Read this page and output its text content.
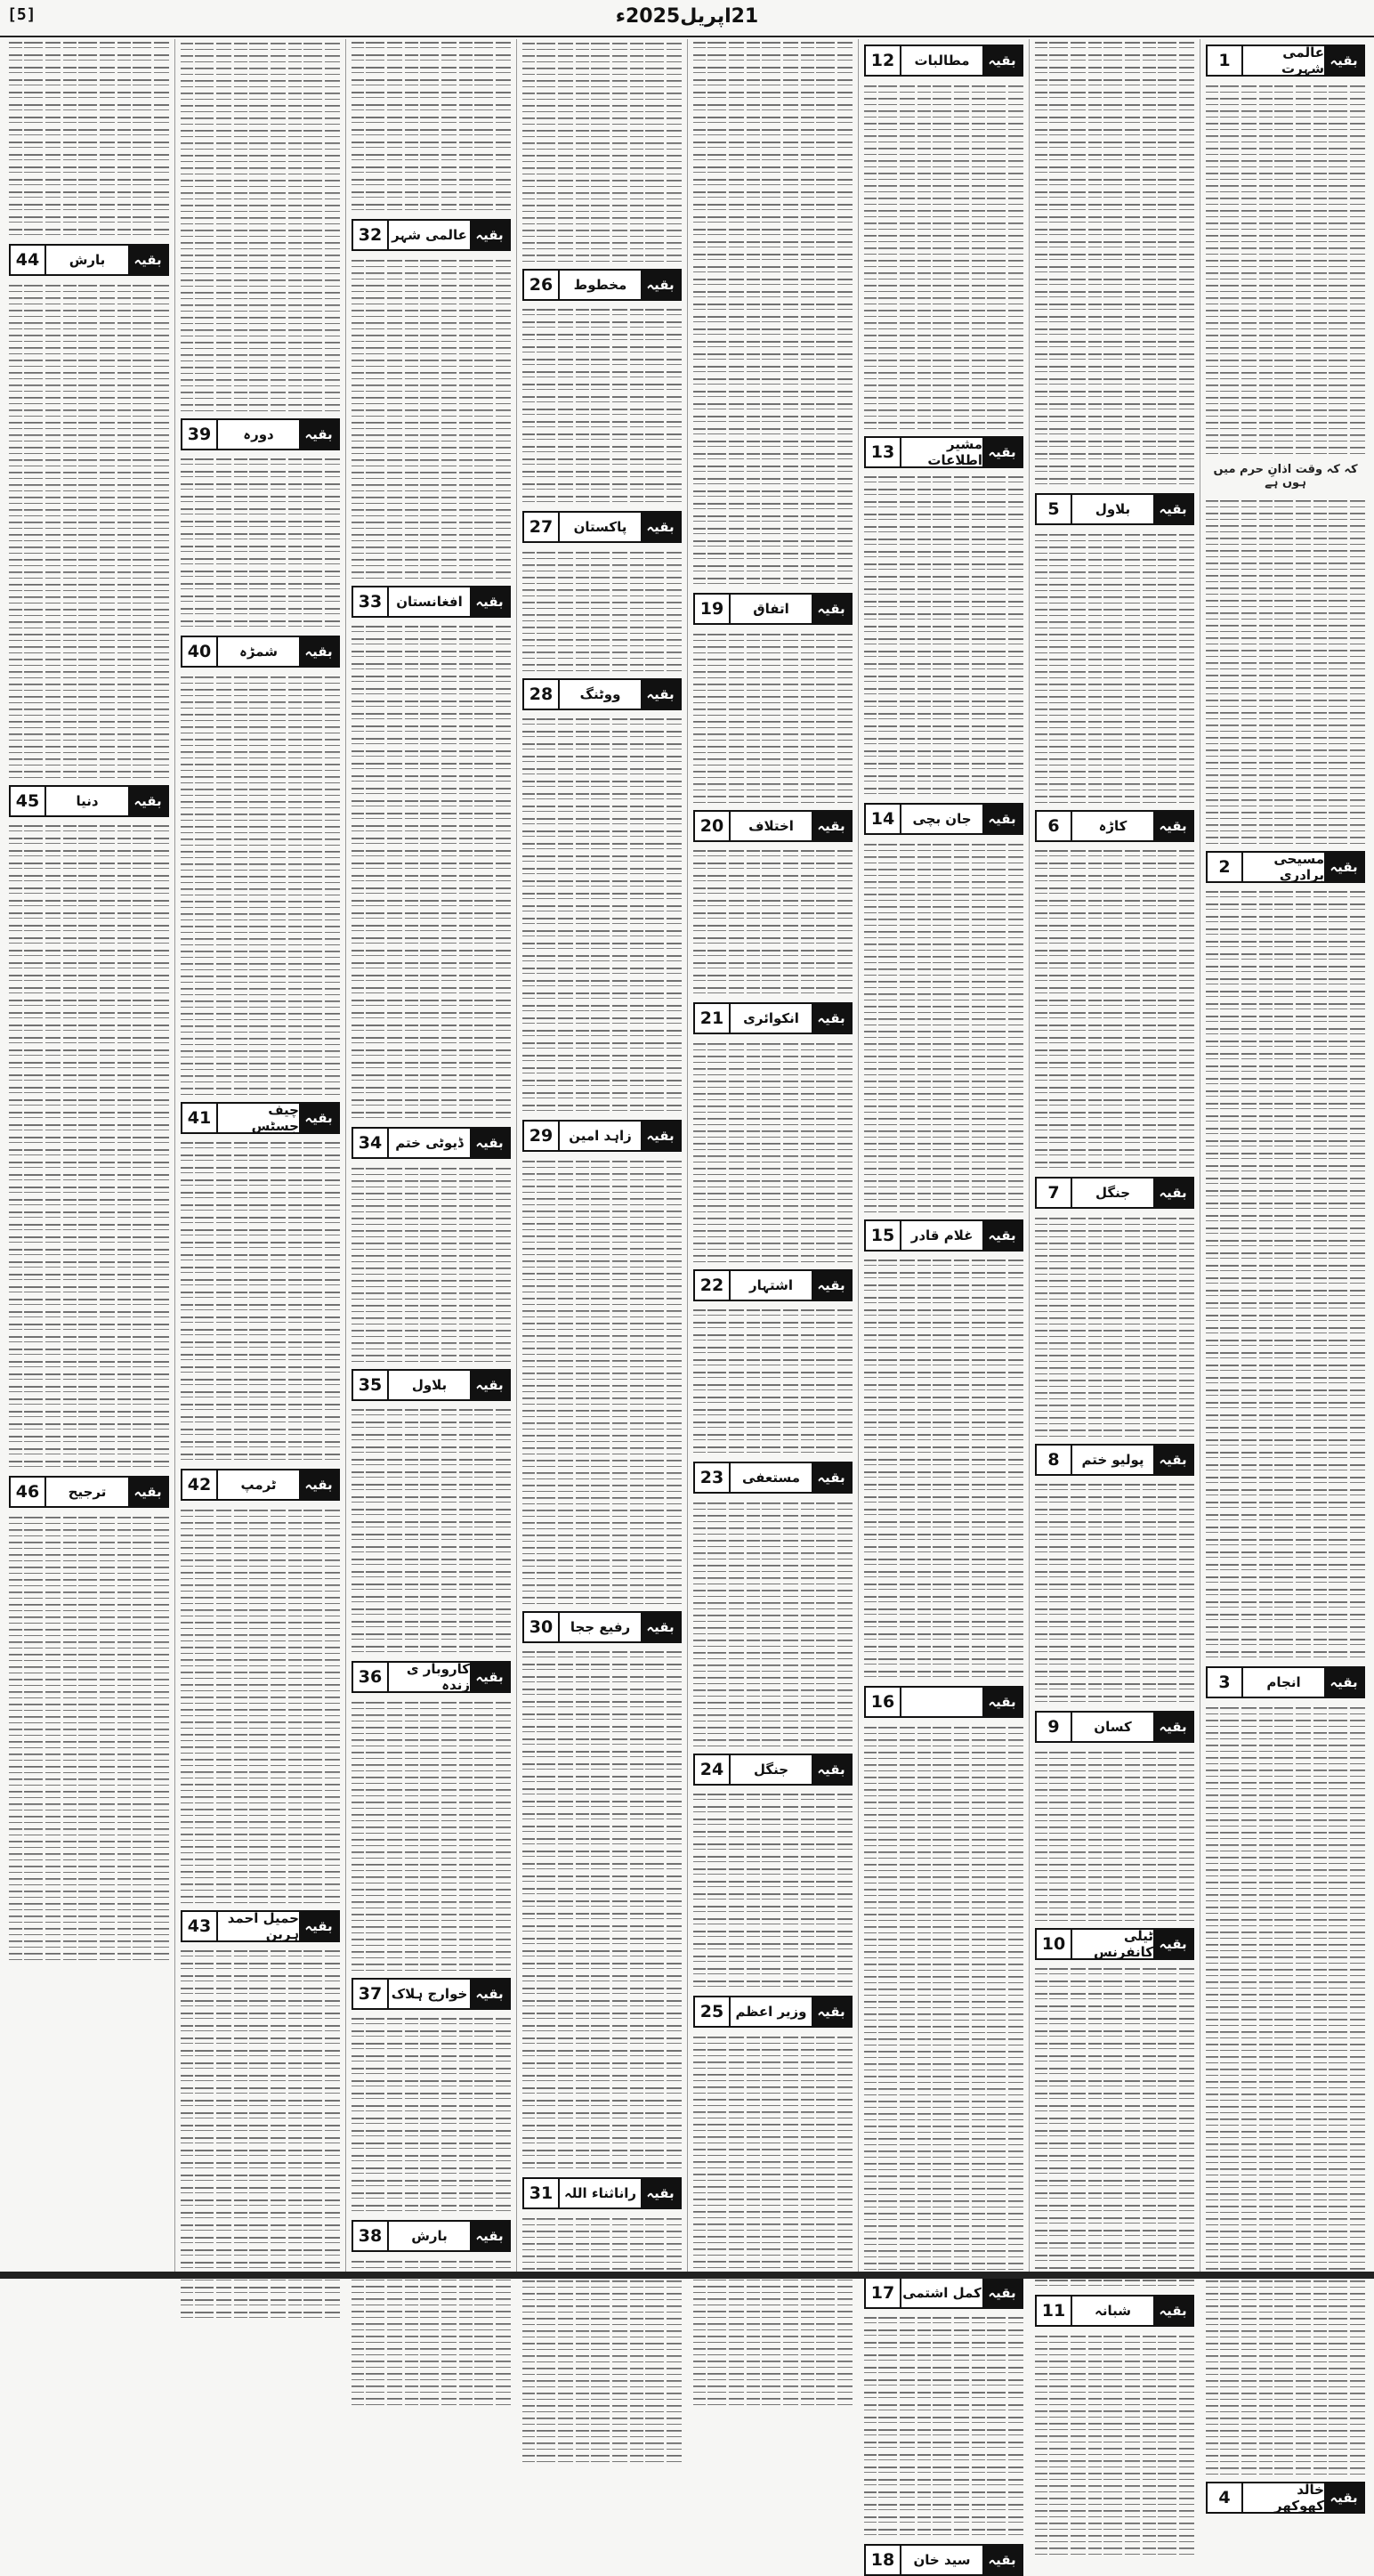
[5]	21اپریل2025ء
بقیہ
عالمی شہرت
1
کہ کہ وقت اذانِ حرم میں ہوں ہے
بقیہ
مسیحی برادری
2
بقیہ
انجام
3
بقیہ
خالد کھوکھر
4
بقیہ
بلاول
5
بقیہ
کاڑہ
6
بقیہ
جنگل
7
بقیہ
پولیو ختم
8
بقیہ
کسان
9
بقیہ
ٹیلی کانفرنس
10
بقیہ
شبانہ
11
بقیہ
مطالبات
12
بقیہ
مشیر اطلاعات
13
بقیہ
جان بچی
14
بقیہ
غلام قادر
15
بقیہ
16
بقیہ
کمل اشتمی
17
بقیہ
سید خان
18
بقیہ
اتفاق
19
بقیہ
اختلاف
20
بقیہ
انکوائری
21
بقیہ
اشتہار
22
بقیہ
مستعفی
23
بقیہ
جنگل
24
بقیہ
وزیر اعظم
25
بقیہ
مخطوط
26
بقیہ
پاکستان
27
بقیہ
ووٹنگ
28
بقیہ
زاہد امین
29
بقیہ
رفیع ججا
30
بقیہ
راناثناء اللہ
31
بقیہ
عالمی شہر
32
بقیہ
افغانستان
33
بقیہ
ڈیوٹی ختم
34
بقیہ
بلاول
35
بقیہ
کاروبار ی زندہ
36
بقیہ
خوارج ہلاک
37
بقیہ
بارش
38
بقیہ
دورہ
39
بقیہ
شمڑہ
40
بقیہ
چیف جسٹس
41
بقیہ
ٹرمپ
42
بقیہ
حمیل احمد ہربن
43
بقیہ
بارش
44
بقیہ
دنیا
45
بقیہ
ترجیح
46
